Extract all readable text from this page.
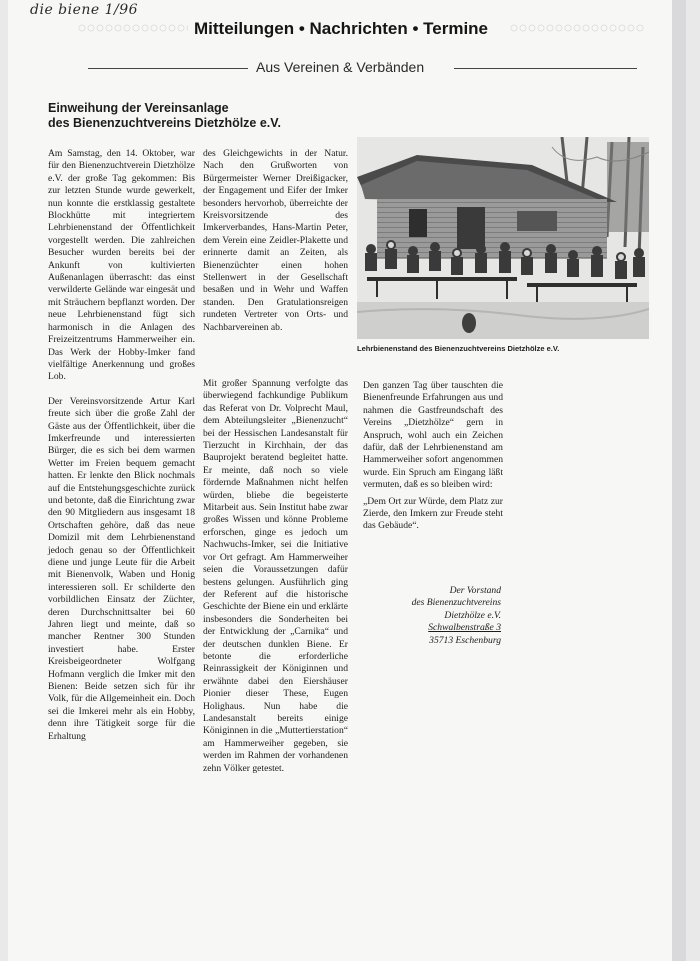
die biene 1/96
Mitteilungen • Nachrichten • Termine
Aus Vereinen & Verbänden
Einweihung der Vereinsanlage
des Bienenzuchtvereins Dietzhölze e.V.

Am Samstag, den 14. Oktober, war für den Bienenzuchtverein Dietzhölze e.V. der große Tag gekommen: Bis zur letzten Stunde wurde gewerkelt, nun konnte die erstklassig gestaltete Blockhütte mit integriertem Lehrbienenstand der Öffentlichkeit vorgestellt werden. Die zahlreichen Besucher wurden bereits bei der Ankunft von kultivierten Außenanlagen überrascht: das einst verwilderte Gelände war eingesät und mit Sträuchern bepflanzt worden. Der neue Lehrbienenstand fügt sich harmonisch in die Anlagen des Freizeitzentrums Hammerweiher ein. Das Werk der Hobby-Imker fand vielfältige Anerkennung und großes Lob.

Der Vereinsvorsitzende Artur Karl freute sich über die große Zahl der Gäste aus der Öffentlichkeit, über die Imkerfreunde und interessierten Bürger, die es sich bei dem warmen Wetter im Freien bequem gemacht hatten. Er lenkte den Blick nochmals auf die Entstehungsgeschichte zurück und betonte, daß die Einrichtung zwar den 90 Mitgliedern aus insgesamt 18 Ortschaften gehöre, daß das neue Domizil mit dem Lehrbienenstand jedoch genau so der Öffentlichkeit diene und junge Leute für die Arbeit mit Bienenvolk, Waben und Honig interessieren soll. Er schilderte den vorbildlichen Einsatz der Züchter, deren Durchschnittsalter bei 60 Jahren liegt und meinte, daß so mancher Rentner 300 Stunden investiert habe. Erster Kreisbeigeordneter Wolfgang Hofmann verglich die Imker mit den Bienen: Beide setzen sich für ihr Volk, für die Allgemeinheit ein. Doch sei die Imkerei mehr als ein Hobby, denn ihre Tätigkeit sorge für die Erhaltung

des Gleichgewichts in der Natur. Nach den Grußworten von Bürgermeister Werner Dreißigacker, der Engagement und Eifer der Imker besonders hervorhob, überreichte der Kreisvorsitzende des Imkerverbandes, Hans-Martin Peter, dem Verein eine Zeidler-Plakette und erinnerte damit an Zeiten, als Bienenzüchter einen hohen Stellenwert in der Gesellschaft besaßen und in Wehr und Waffen standen. Den Gratulationsreigen rundeten Vertreter von Orts- und Nachbarvereinen ab.

Mit großer Spannung verfolgte das überwiegend fachkundige Publikum das Referat von Dr. Volprecht Maul, dem Abteilungsleiter „Bienenzucht“ bei der Hessischen Landesanstalt für Tierzucht in Kirchhain, der das Bauprojekt beratend begleitet hatte. Er meinte, daß noch so viele fördernde Maßnahmen nicht helfen würden, bliebe die begeisterte Mitarbeit aus. Sein Institut habe zwar großes Wissen und könne Probleme erforschen, ginge es jedoch um Nachwuchs-Imker, sei die Initiative vor Ort gefragt. Am Hammerweiher seien die Voraussetzungen dafür bestens gelungen. Ausführlich ging der Referent auf die historische Geschichte der Biene ein und erklärte insbesonders die Sonderheiten bei der Entwicklung der „Carnika“ und der deutschen dunklen Biene. Er betonte die erforderliche Reinrassigkeit der Königinnen und erwähnte dabei den Eiershäuser Pionier dieser These, Eugen Holighaus. Nun habe die Landesanstalt bereits einige Königinnen in die „Muttertierstation“ am Hammerweiher gegeben, sie werden im Rahmen der vorhandenen zehn Völker getestet.

Lehrbienenstand des Bienenzuchtvereins Dietzhölze e.V.

Den ganzen Tag über tauschten die Bienenfreunde Erfahrungen aus und nahmen die Gastfreundschaft des Vereins „Dietzhölze“ gern in Anspruch, wohl auch ein Zeichen dafür, daß der Lehrbienenstand am Hammerweiher sofort angenommen wurde. Ein Spruch am Eingang läßt vermuten, daß es so bleiben wird:

„Dem Ort zur Würde, dem Platz zur Zierde, den Imkern zur Freude steht das Gebäude“.

Der Vorstand
des Bienenzuchtvereins
Dietzhölze e.V.
Schwalbenstraße 3
35713 Eschenburg
